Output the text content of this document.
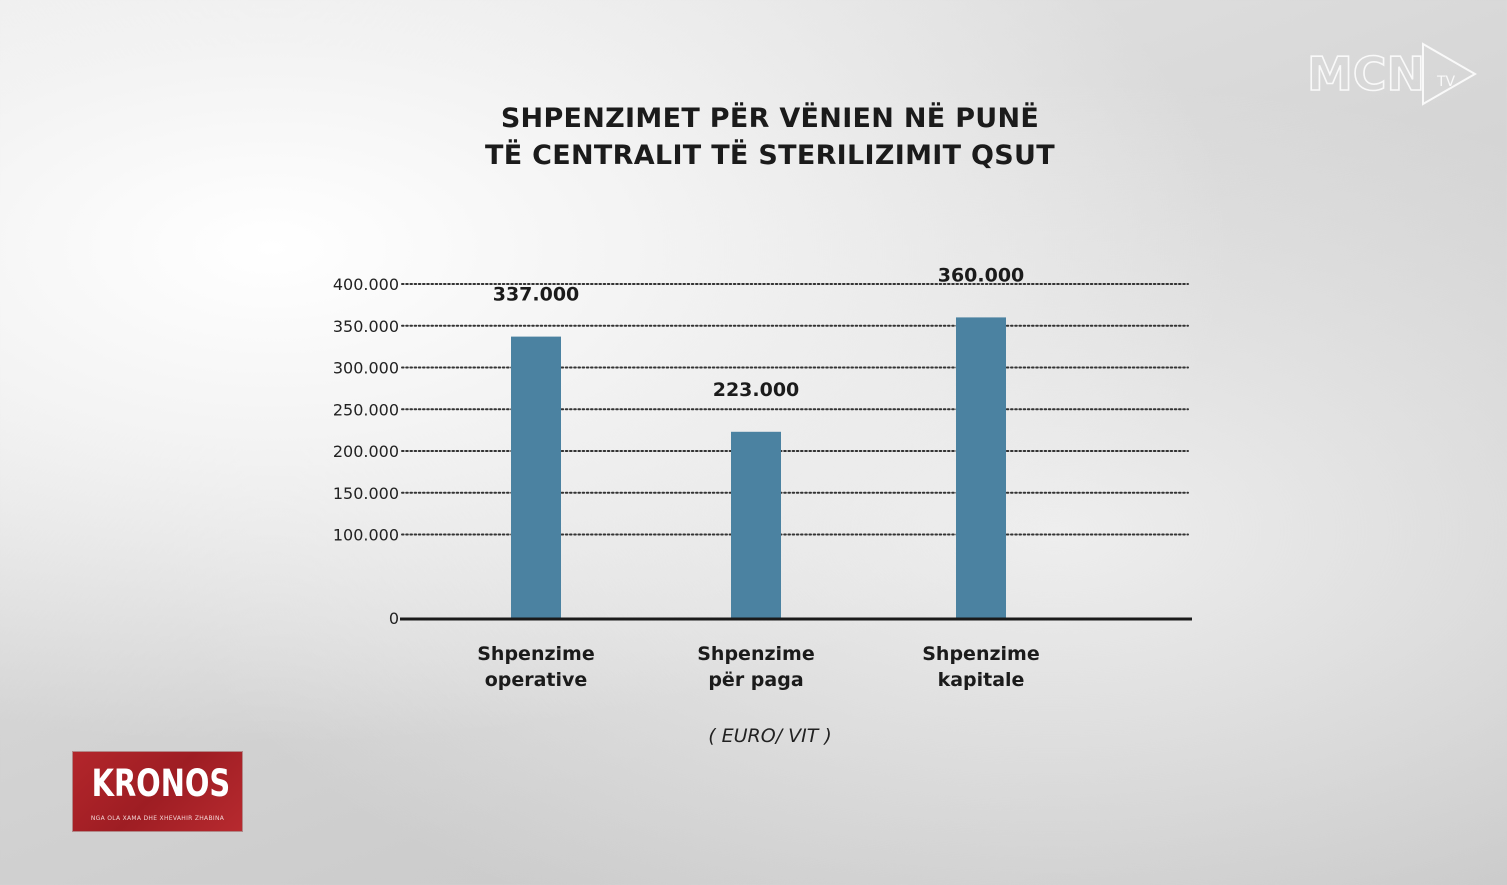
SHPENZIMET PËR VËNIEN NË PUNË
TË CENTRALIT TË STERILIZIMIT QSUT
0
100.000
150.000
200.000
250.000
300.000
350.000
400.000	337.000
223.000
360.000
Shpenzime
operative
Shpenzime
për paga
Shpenzime
kapitale
( EURO/ VIT )
KRONOS
NGA OLA XAMA DHE XHEVAHIR ZHABINA
MCN TV
